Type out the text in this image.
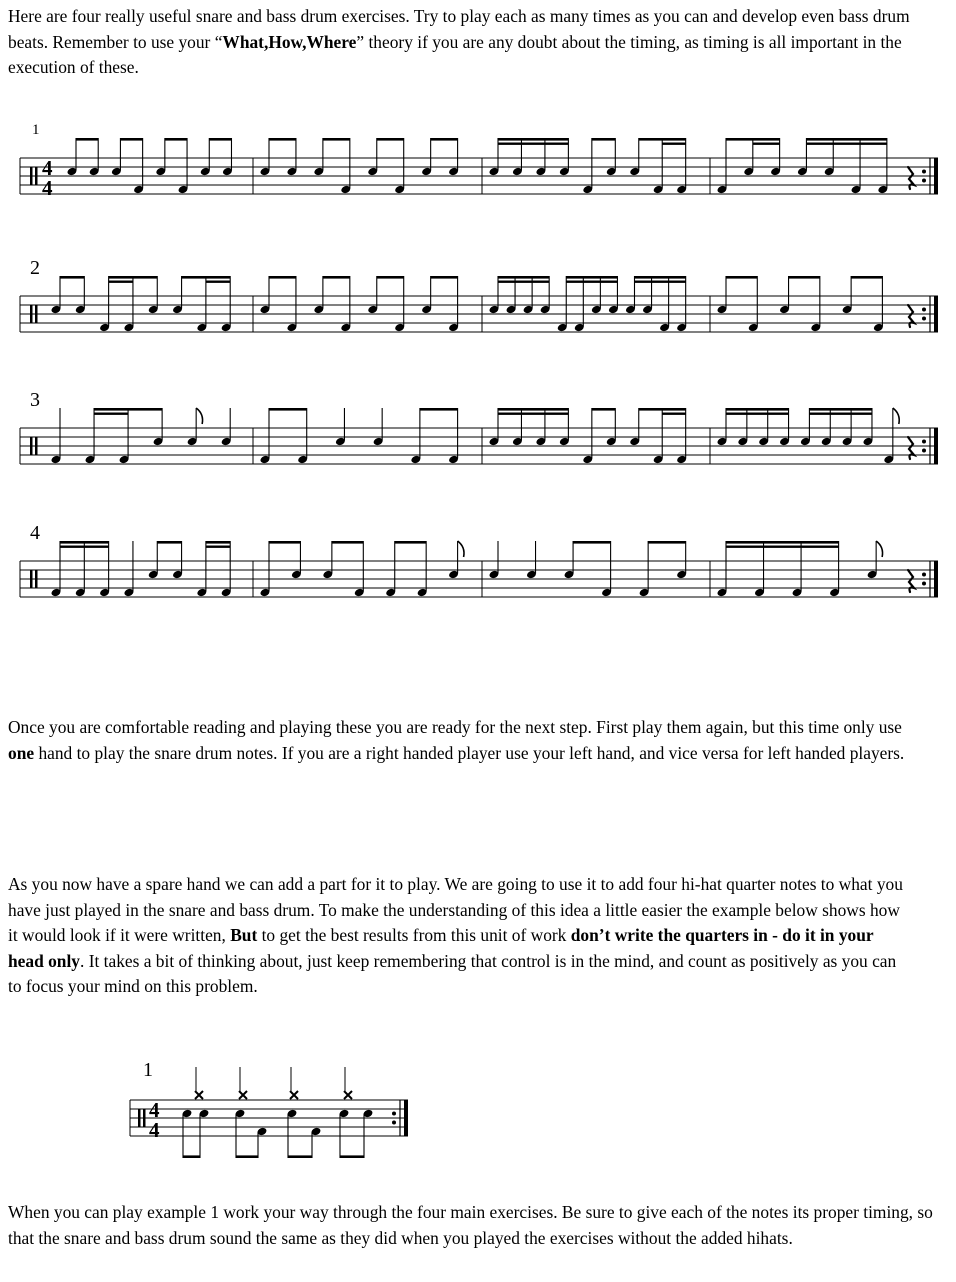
Here are four really useful snare and bass drum exercises. Try to play each as many times as you can and develop even bass drum beats. Remember to use your “What,How,Where” theory if you are any doubt about the timing, as timing is all important in the execution of these.

1
4
4
2
3
4

Once you are comfortable reading and playing these you are ready for the next step. First play them again, but this time only use one hand to play the snare drum notes. If you are a right handed player use your left hand, and vice versa for left handed players.

As you now have a spare hand we can add a part for it to play. We are going to use it to add four hi-hat quarter notes to what you have just played in the snare and bass drum. To make the understanding of this idea a little easier the example below shows how it would look if it were written, But to get the best results from this unit of work don’t write the quarters in - do it in your head only. It takes a bit of thinking about, just keep remembering that control is in the mind, and count as positively as you can to focus your mind on this problem.

1
4
4

When you can play example 1 work your way through the four main exercises. Be sure to give each of the notes its proper timing, so that the snare and bass drum sound the same as they did when you played the exercises without the added hihats.
